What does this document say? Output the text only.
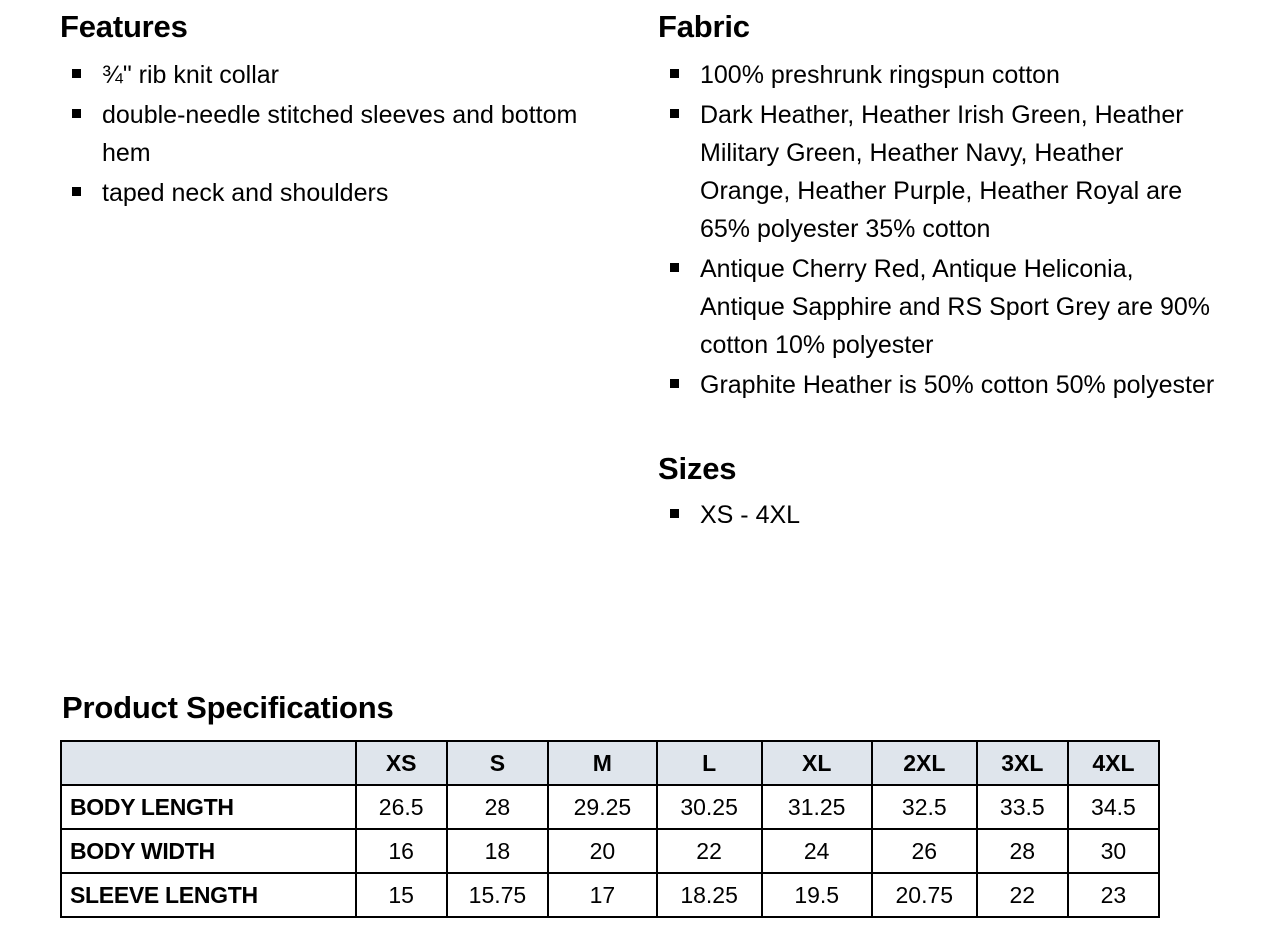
Features
¾" rib knit collar
double-needle stitched sleeves and bottom hem
taped neck and shoulders
Fabric
100% preshrunk ringspun cotton
Dark Heather, Heather Irish Green, Heather Military Green, Heather Navy, Heather Orange, Heather Purple, Heather Royal are 65% polyester 35% cotton
Antique Cherry Red, Antique Heliconia, Antique Sapphire and RS Sport Grey are 90% cotton 10% polyester
Graphite Heather is 50% cotton 50% polyester
Sizes
XS - 4XL
Product Specifications
	XS	S	M	L	XL	2XL	3XL	4XL
BODY LENGTH	26.5	28	29.25	30.25	31.25	32.5	33.5	34.5
BODY WIDTH	16	18	20	22	24	26	28	30
SLEEVE LENGTH	15	15.75	17	18.25	19.5	20.75	22	23
